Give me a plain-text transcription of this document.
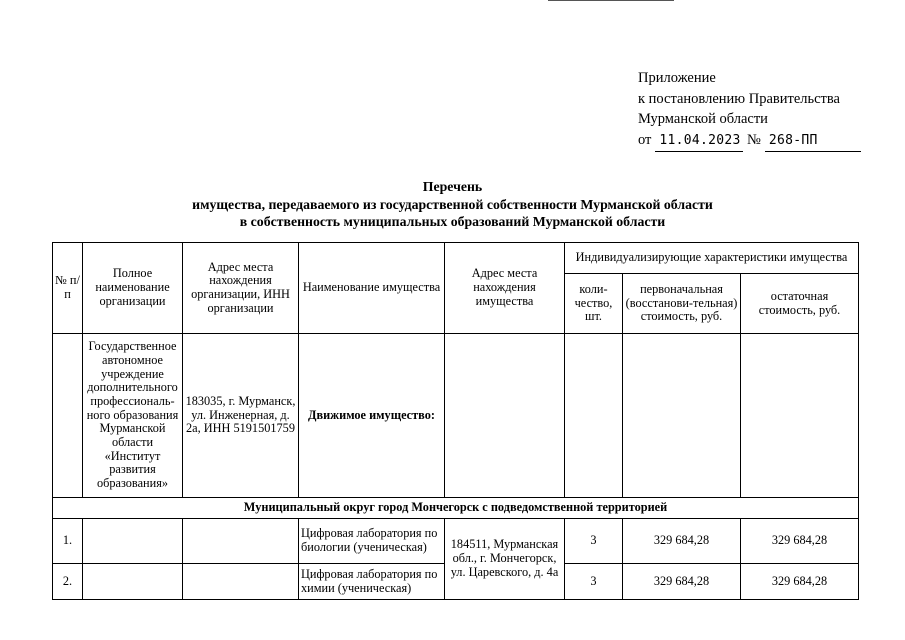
Приложение
к постановлению Правительства
Мурманской области
от 11.04.2023 № 268-ПП
Перечень
имущества, передаваемого из государственной собственности Мурманской области
в собственность муниципальных образований Мурманской области
№ п/п	Полное наименование организации	Адрес места нахождения организации, ИНН организации	Наименование имущества	Адрес места нахождения имущества	Индивидуализирующие характеристики имущества		
					коли-чество, шт.	первоначальная (восстанови-тельная) стоимость, руб.	остаточная стоимость, руб.
	Государственное автономное учреждение дополнительного профессиональ-ного образования Мурманской области «Институт развития образования»	183035, г. Мурманск, ул. Инженерная, д. 2а, ИНН 5191501759	Движимое имущество:				
Муниципальный округ город Мончегорск с подведомственной территорией							
1.			Цифровая лаборатория по биологии (ученическая)	184511, Мурманская обл., г. Мончегорск, ул. Царевского, д. 4а	3	329 684,28	329 684,28
2.			Цифровая лаборатория по химии (ученическая)		3	329 684,28	329 684,28
